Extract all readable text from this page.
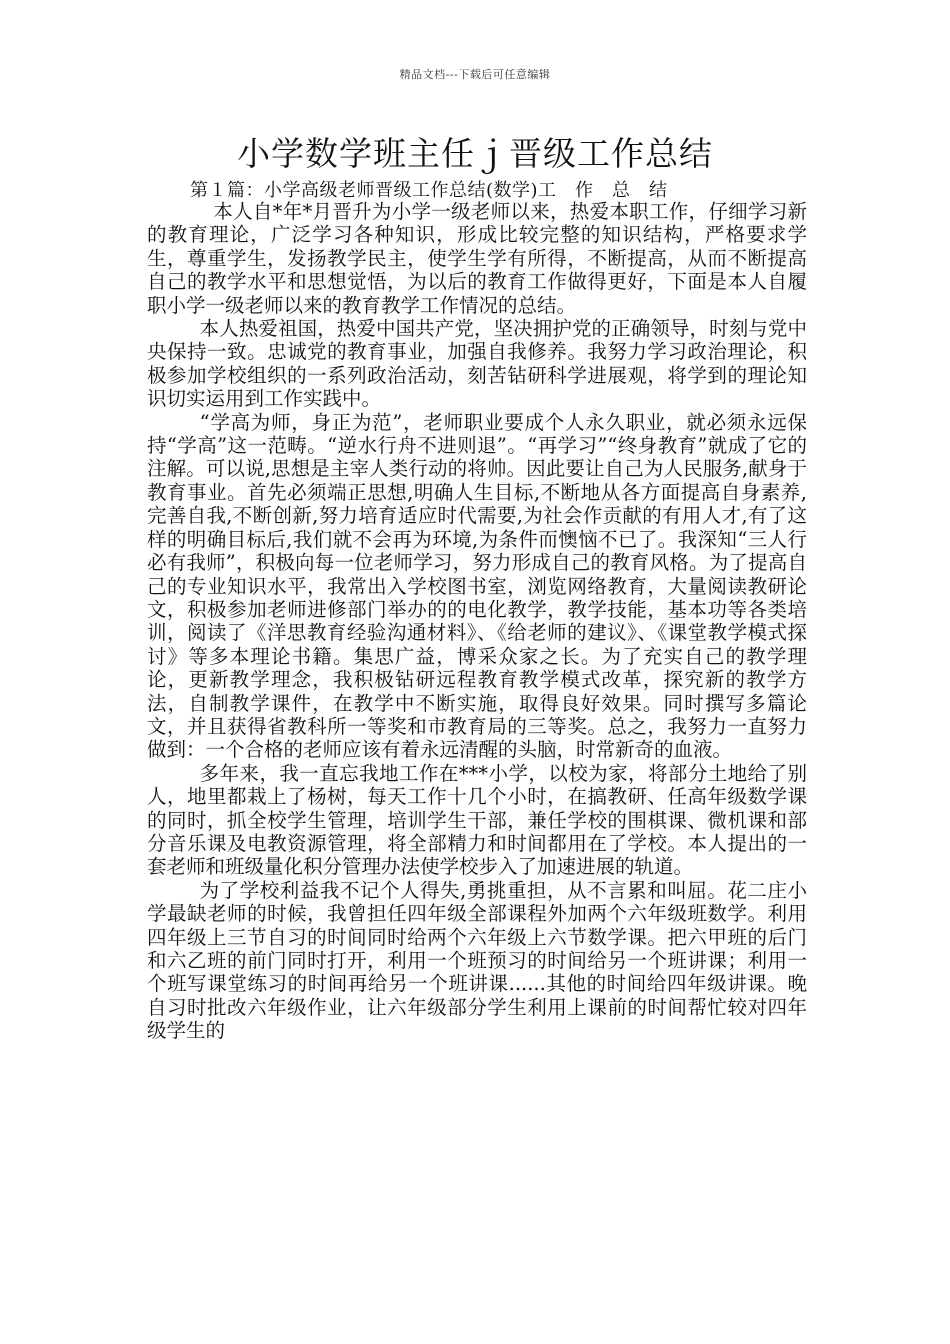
精品文档---下载后可任意编辑
小学数学班主任ｊ晋级工作总结
第１篇：小学高级老师晋级工作总结(数学)工　作　总　结

本人自*年*月晋升为小学一级老师以来，热爱本职工作，仔细学习新的教育理论，广泛学习各种知识，形成比较完整的知识结构，严格要求学生，尊重学生，发扬教学民主，使学生学有所得，不断提高，从而不断提高自己的教学水平和思想觉悟，为以后的教育工作做得更好，下面是本人自履职小学一级老师以来的教育教学工作情况的总结。

本人热爱祖国，热爱中国共产党，坚决拥护党的正确领导，时刻与党中央保持一致。忠诚党的教育事业，加强自我修养。我努力学习政治理论，积极参加学校组织的一系列政治活动，刻苦钻研科学进展观，将学到的理论知识切实运用到工作实践中。

“学高为师，身正为范”，老师职业要成个人永久职业，就必须永远保持“学高”这一范畴。“逆水行舟不进则退”。“再学习”“终身教育”就成了它的注解。可以说,思想是主宰人类行动的将帅。因此要让自己为人民服务,献身于教育事业。首先必须端正思想,明确人生目标,不断地从各方面提高自身素养,完善自我,不断创新,努力培育适应时代需要,为社会作贡献的有用人才,有了这样的明确目标后,我们就不会再为环境,为条件而懊恼不已了。我深知“三人行必有我师”，积极向每一位老师学习，努力形成自己的教育风格。为了提高自己的专业知识水平，我常出入学校图书室，浏览网络教育，大量阅读教研论文，积极参加老师进修部门举办的的电化教学，教学技能，基本功等各类培训，阅读了《洋思教育经验沟通材料》、《给老师的建议》、《课堂教学模式探讨》等多本理论书籍。集思广益，博采众家之长。为了充实自己的教学理论，更新教学理念，我积极钻研远程教育教学模式改革，探究新的教学方法，自制教学课件，在教学中不断实施，取得良好效果。同时撰写多篇论文，并且获得省教科所一等奖和市教育局的三等奖。总之，我努力一直努力做到：一个合格的老师应该有着永远清醒的头脑，时常新奇的血液。

多年来，我一直忘我地工作在***小学，以校为家，将部分土地给了别人，地里都栽上了杨树，每天工作十几个小时，在搞教研、任高年级数学课的同时，抓全校学生管理，培训学生干部，兼任学校的围棋课、微机课和部分音乐课及电教资源管理，将全部精力和时间都用在了学校。本人提出的一套老师和班级量化积分管理办法使学校步入了加速进展的轨道。

为了学校利益我不记个人得失,勇挑重担，从不言累和叫屈。花二庄小学最缺老师的时候，我曾担任四年级全部课程外加两个六年级班数学。利用四年级上三节自习的时间同时给两个六年级上六节数学课。把六甲班的后门和六乙班的前门同时打开，利用一个班预习的时间给另一个班讲课；利用一个班写课堂练习的时间再给另一个班讲课......其他的时间给四年级讲课。晚自习时批改六年级作业，让六年级部分学生利用上课前的时间帮忙较对四年级学生的
